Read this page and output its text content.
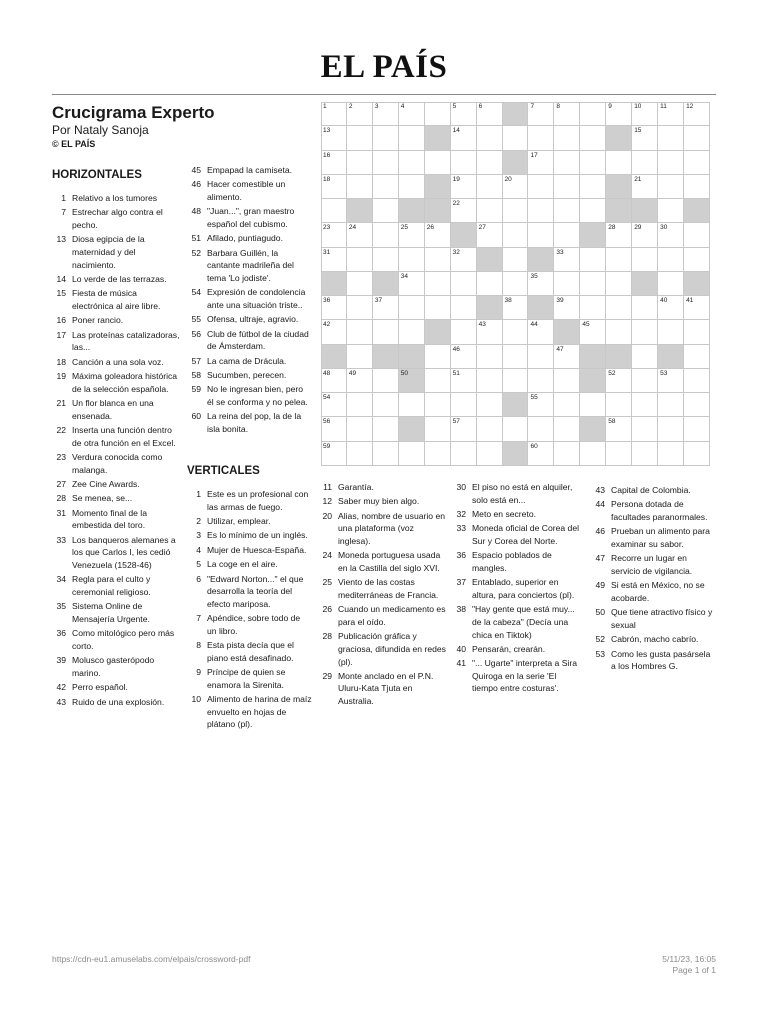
EL PAÍS
Crucigrama Experto
Por Nataly Sanoja
© EL PAÍS
HORIZONTALES
VERTICALES
1 Relativo a los tumores
7 Estrechar algo contra el pecho.
13 Diosa egipcia de la maternidad y del nacimiento.
14 Lo verde de las terrazas.
15 Fiesta de música electrónica al aire libre.
16 Poner rancio.
17 Las proteínas catalizadoras, las...
18 Canción a una sola voz.
19 Máxima goleadora histórica de la selección española.
21 Un flor blanca en una ensenada.
22 Inserta una función dentro de otra función en el Excel.
23 Verdura conocida como malanga.
27 Zee Cine Awards.
28 Se menea, se...
31 Momento final de la embestida del toro.
33 Los banqueros alemanes a los que Carlos I, les cedió Venezuela (1528-46)
34 Regla para el culto y ceremonial religioso.
35 Sistema Online de Mensajería Urgente.
36 Como mitológico pero más corto.
39 Molusco gasterópodo marino.
42 Perro español.
43 Ruido de una explosión.
45 Empapad la camiseta.
46 Hacer comestible un alimento.
48 "Juan...", gran maestro español del cubismo.
51 Afilado, puntiagudo.
52 Barbara Guillén, la cantante madrileña del tema 'Lo jodiste'.
54 Expresión de condolencia ante una situación triste..
55 Ofensa, ultraje, agravio.
56 Club de fútbol de la ciudad de Ámsterdam.
57 La cama de Drácula.
58 Sucumben, perecen.
59 No le ingresan bien, pero él se conforma y no pelea.
60 La reina del pop, la de la isla bonita.
1 Este es un profesional con las armas de fuego.
2 Utilizar, emplear.
3 Es lo mínimo de un inglés.
4 Mujer de Huesca-España.
5 La coge en el aire.
6 "Edward Norton..." el que desarrolla la teoría del efecto mariposa.
7 Apéndice, sobre todo de un libro.
8 Esta pista decía que el piano está desafinado.
9 Príncipe de quien se enamora la Sirenita.
10 Alimento de harina de maíz envuelto en hojas de plátano (pl).
11 Garantía.
12 Saber muy bien algo.
20 Alias, nombre de usuario en una plataforma (voz inglesa).
24 Moneda portuguesa usada en la Castilla del siglo XVI.
25 Viento de las costas mediterráneas de Francia.
26 Cuando un medicamento es para el oído.
28 Publicación gráfica y graciosa, difundida en redes (pl).
29 Monte anclado en el P.N. Uluru-Kata Tjuta en Australia.
30 El piso no está en alquiler, solo está en...
32 Meto en secreto.
33 Moneda oficial de Corea del Sur y Corea del Norte.
36 Espacio poblados de mangles.
37 Entablado, superior en altura, para conciertos (pl).
38 "Hay gente que está muy... de la cabeza" (Decía una chica en Tiktok)
40 Pensarán, crearán.
41 "... Ugarte" interpreta a Sira Quiroga en la serie 'El tiempo entre costuras'.
43 Capital de Colombia.
44 Persona dotada de facultades paranormales.
46 Prueban un alimento para examinar su sabor.
47 Recorre un lugar en servicio de vigilancia.
49 Si está en México, no se acobarde.
50 Que tiene atractivo físico y sexual
52 Cabrón, macho cabrío.
53 Como les gusta pasársela a los Hombres G.
1	2	3	4	5	6	7	8	9	10	11	12
13	14	15
16	17
18	19	20	21
22
23	24	25	26	27	28	29	30
31	32	33
34	35
36	37	38	39	40	41
42	43	44	45
46	47
48	49	50	51	52	53
54	55
56	57	58
59	60
https://cdn-eu1.amuselabs.com/elpais/crossword-pdf	5/11/23, 16:05
Page 1 of 1
